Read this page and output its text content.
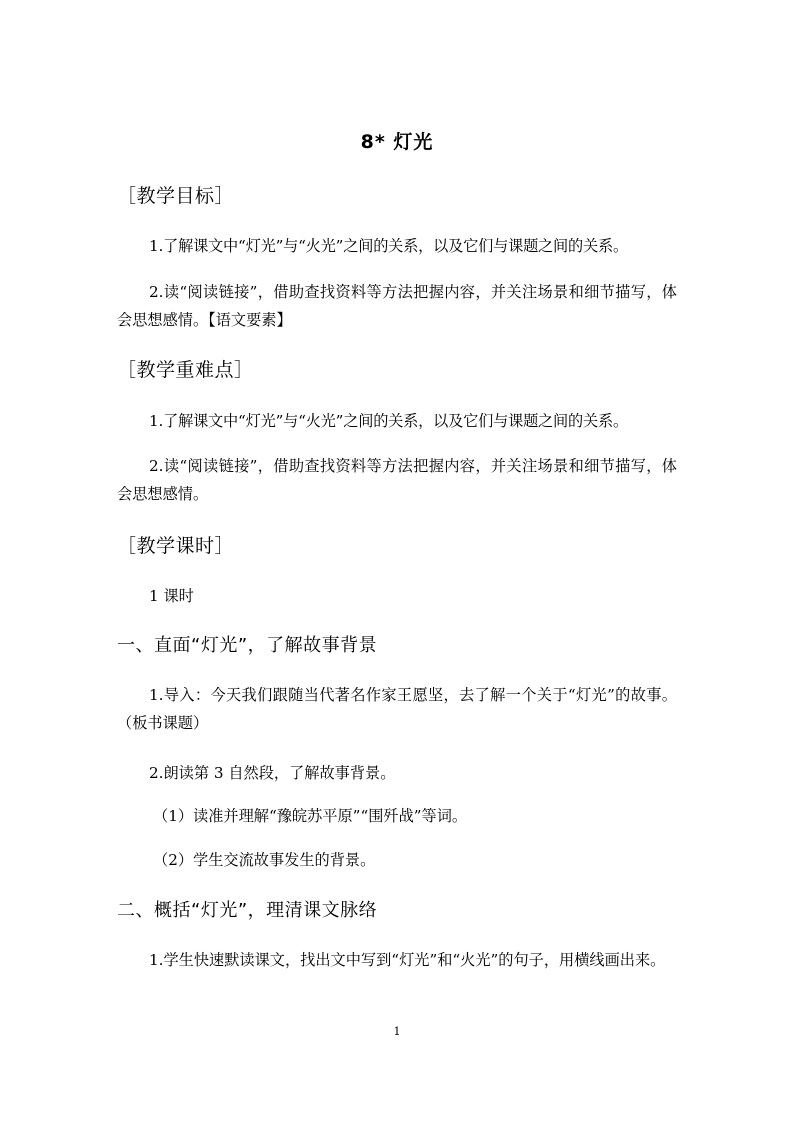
8* 灯光
［教学目标］
1.了解课文中“灯光”与“火光”之间的关系，以及它们与课题之间的关系。
2.读“阅读链接”，借助查找资料等方法把握内容，并关注场景和细节描写，体会思想感情。【语文要素】
［教学重难点］
1.了解课文中“灯光”与“火光”之间的关系，以及它们与课题之间的关系。
2.读“阅读链接”，借助查找资料等方法把握内容，并关注场景和细节描写，体会思想感情。
［教学课时］
1 课时
一、直面“灯光”，了解故事背景
1.导入：今天我们跟随当代著名作家王愿坚，去了解一个关于“灯光”的故事。（板书课题）
2.朗读第 3 自然段，了解故事背景。
（1）读准并理解“豫皖苏平原”“围歼战”等词。
（2）学生交流故事发生的背景。
二、概括“灯光”，理清课文脉络
1.学生快速默读课文，找出文中写到“灯光”和“火光”的句子，用横线画出来。
1
